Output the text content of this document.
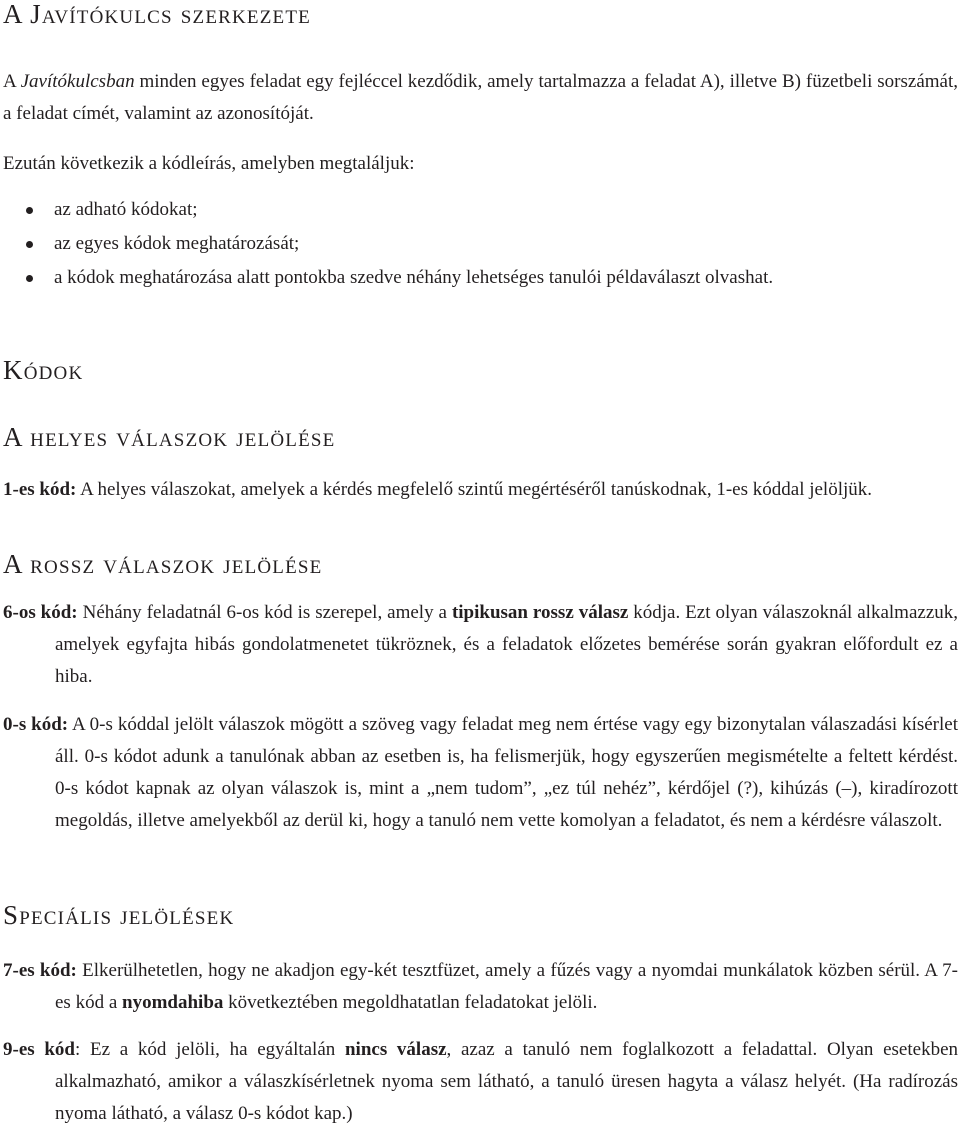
A Javítókulcs szerkezete

A Javítókulcsban minden egyes feladat egy fejléccel kezdődik, amely tartalmazza a feladat A), illetve B) füzetbeli sorszámát, a feladat címét, valamint az azonosítóját.

Ezután következik a kódleírás, amelyben megtaláljuk:

az adható kódokat;
az egyes kódok meghatározását;
a kódok meghatározása alatt pontokba szedve néhány lehetséges tanulói példaválaszt olvashat.
Kódok
A helyes válaszok jelölése

1-es kód: A helyes válaszokat, amelyek a kérdés megfelelő szintű megértéséről tanúskodnak, 1-es kóddal jelöljük.

A rossz válaszok jelölése

6-os kód: Néhány feladatnál 6-os kód is szerepel, amely a tipikusan rossz válasz kódja. Ezt olyan válaszoknál alkalmazzuk, amelyek egyfajta hibás gondolatmenetet tükröznek, és a feladatok előzetes bemérése során gyakran előfordult ez a hiba.

0-s kód: A 0-s kóddal jelölt válaszok mögött a szöveg vagy feladat meg nem értése vagy egy bizonytalan válaszadási kísérlet áll. 0-s kódot adunk a tanulónak abban az esetben is, ha felismerjük, hogy egyszerűen megismételte a feltett kérdést. 0-s kódot kapnak az olyan válaszok is, mint a „nem tudom”, „ez túl nehéz”, kérdőjel (?), kihúzás (–), kiradírozott megoldás, illetve amelyekből az derül ki, hogy a tanuló nem vette komolyan a feladatot, és nem a kérdésre válaszolt.

Speciális jelölések

7-es kód: Elkerülhetetlen, hogy ne akadjon egy-két tesztfüzet, amely a fűzés vagy a nyomdai munkálatok közben sérül. A 7-es kód a nyomdahiba következtében megoldhatatlan feladatokat jelöli.

9-es kód: Ez a kód jelöli, ha egyáltalán nincs válasz, azaz a tanuló nem foglalkozott a feladattal. Olyan esetekben alkalmazható, amikor a válaszkísérletnek nyoma sem látható, a tanuló üresen hagyta a válasz helyét. (Ha radírozás nyoma látható, a válasz 0-s kódot kap.)
